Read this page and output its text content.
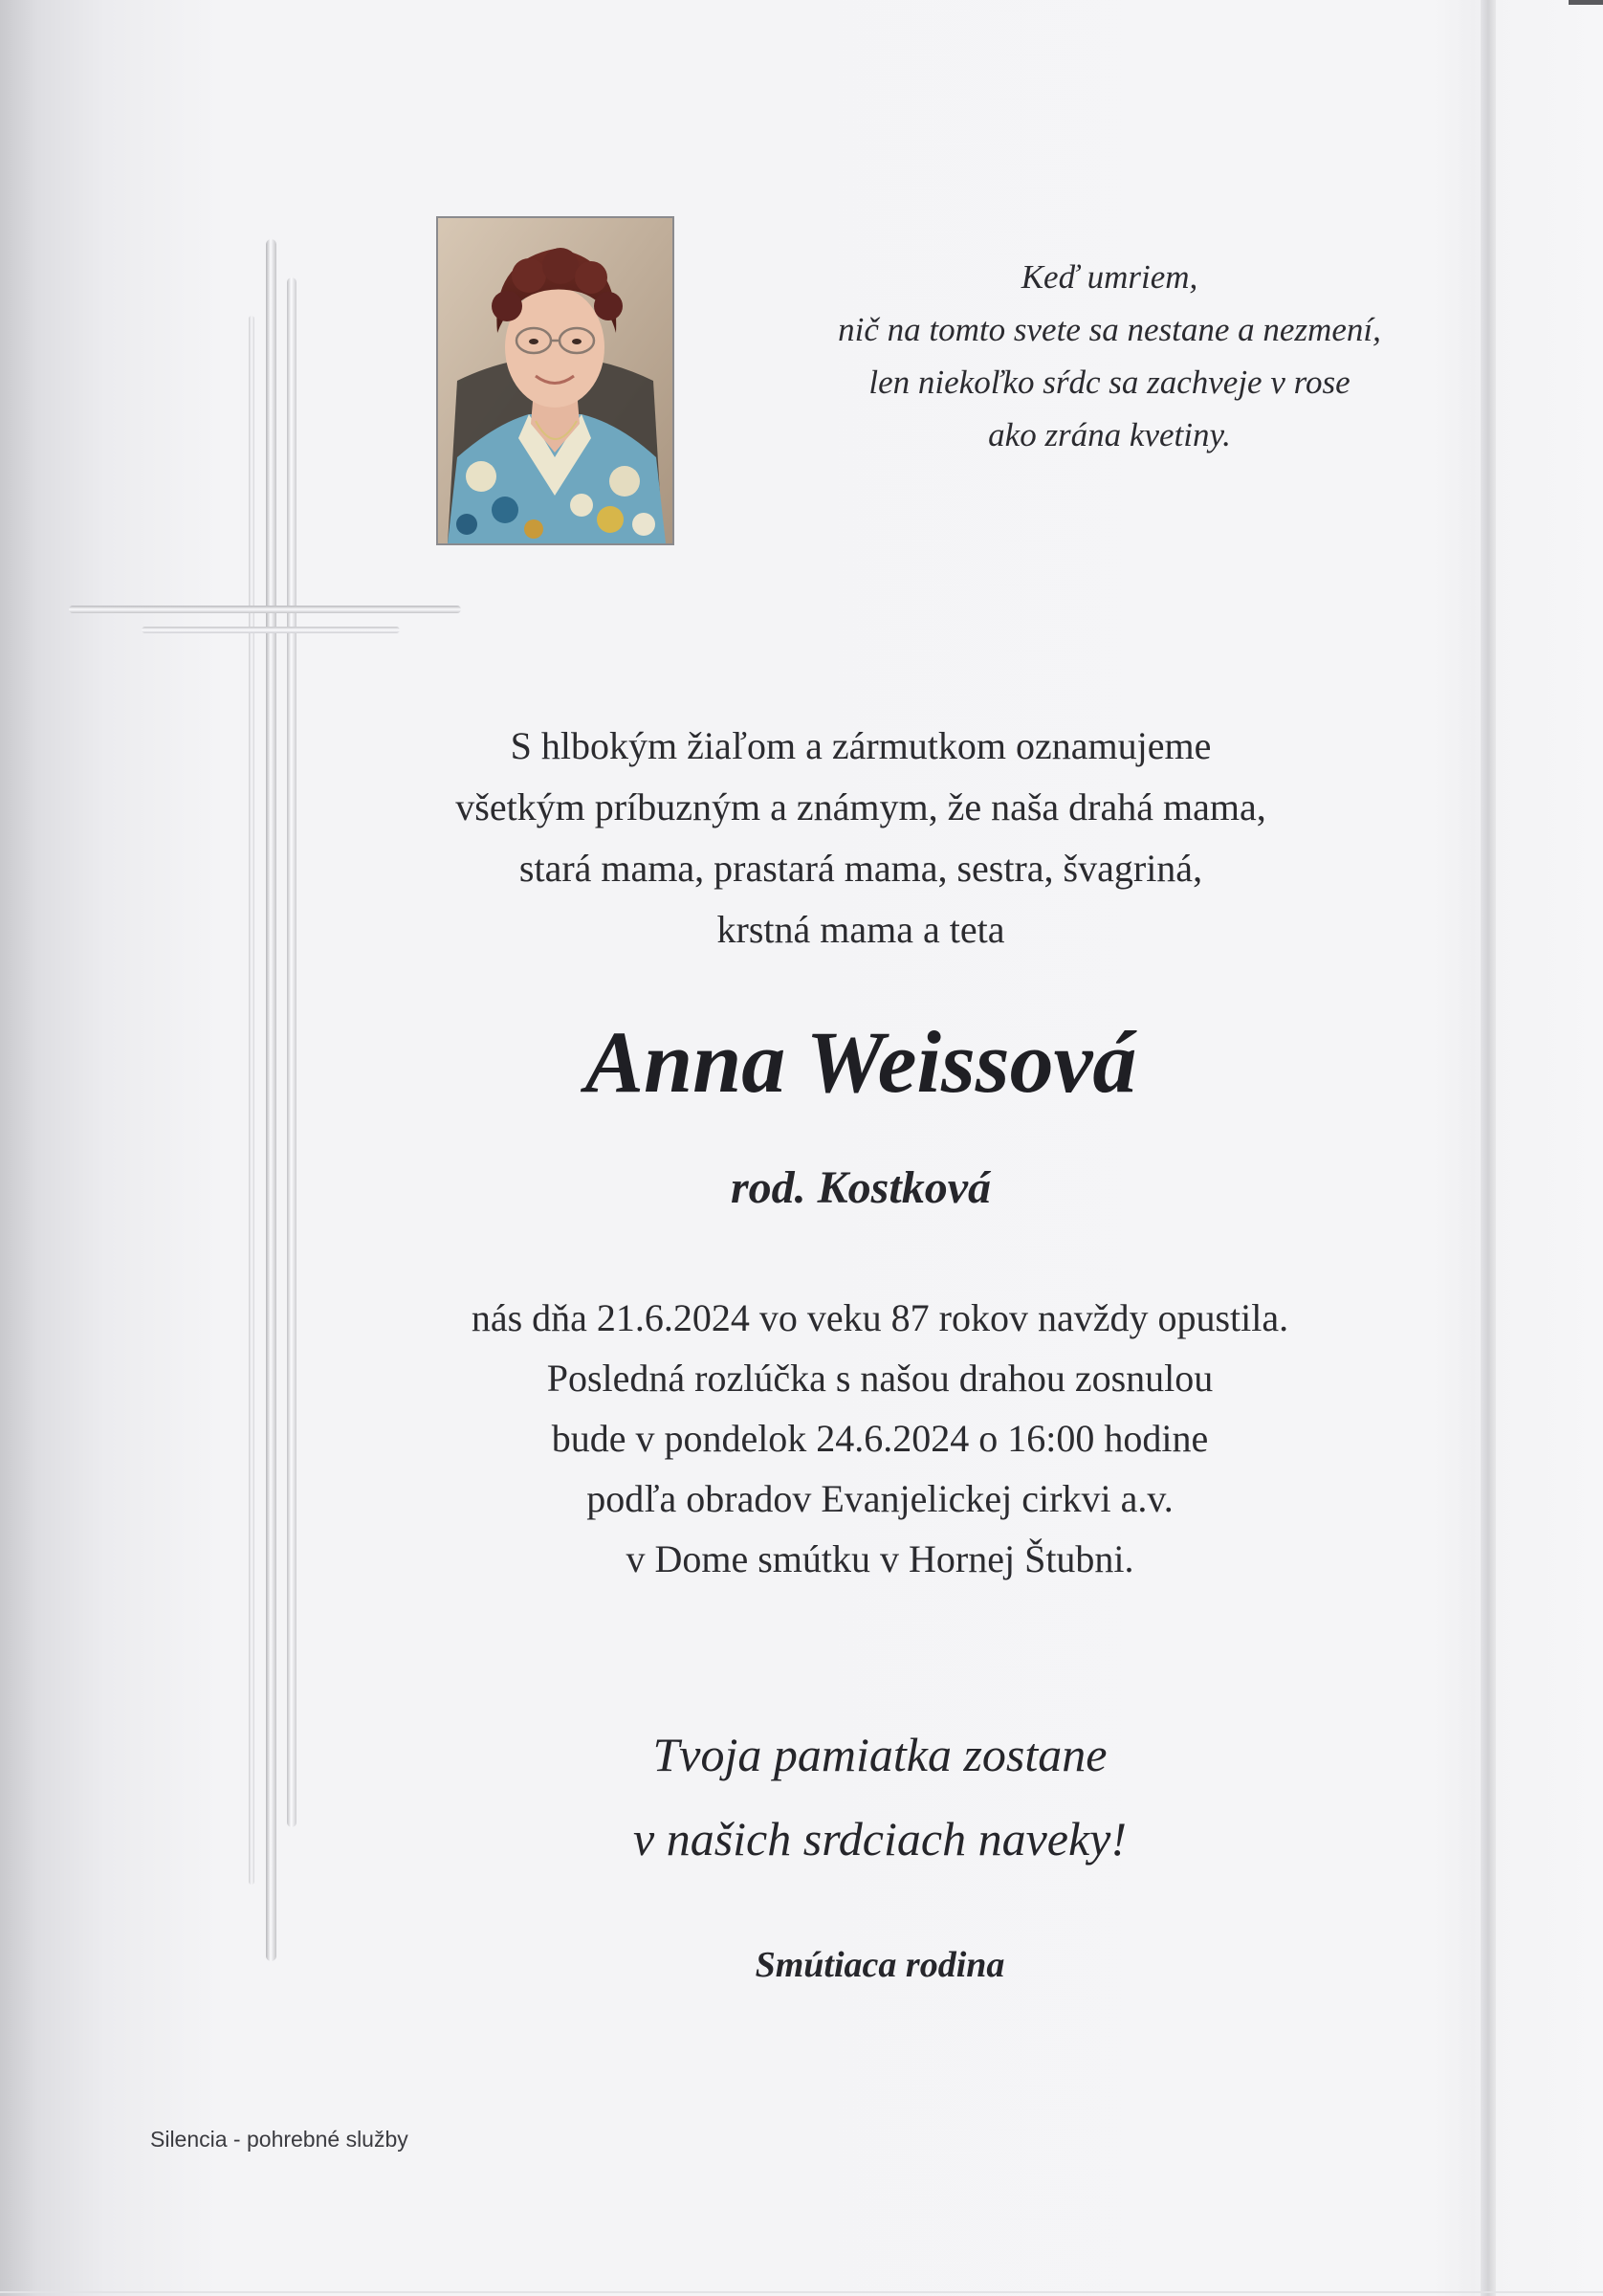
Keď umriem,
nič na tomto svete sa nestane a nezmení,
len niekoľko sŕdc sa zachveje v rose
ako zrána kvetiny.
S hlbokým žiaľom a zármutkom oznamujeme
všetkým príbuzným a známym, že naša drahá mama,
stará mama, prastará mama, sestra, švagriná,
krstná mama a teta
Anna Weissová
rod. Kostková
nás dňa 21.6.2024 vo veku 87 rokov navždy opustila.
Posledná rozlúčka s našou drahou zosnulou
bude v pondelok 24.6.2024 o 16:00 hodine
podľa obradov Evanjelickej cirkvi a.v.
v Dome smútku v Hornej Štubni.
Tvoja pamiatka zostane
v našich srdciach naveky!
Smútiaca rodina
Silencia - pohrebné služby
